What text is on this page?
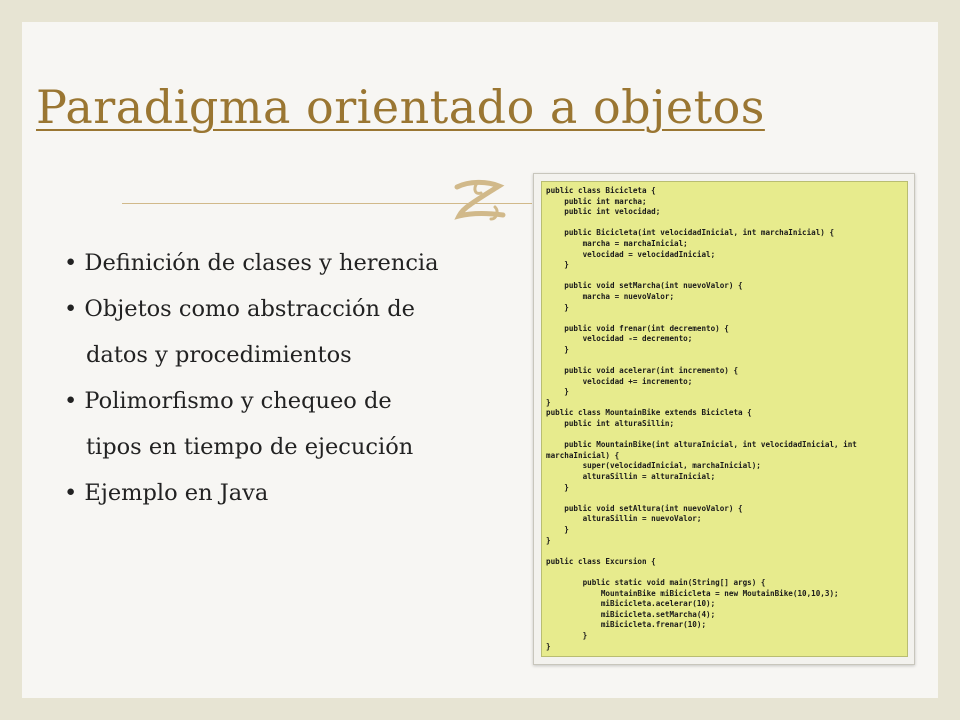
Paradigma orientado a objetos
• Definición de clases y herencia
• Objetos como abstracción de
datos y procedimientos
• Polimorfismo y chequeo de
tipos en tiempo de ejecución
• Ejemplo en Java
public class Bicicleta {
public int marcha;
public int velocidad;

public Bicicleta(int velocidadInicial, int marchaInicial) {
marcha = marchaInicial;
velocidad = velocidadInicial;
}

public void setMarcha(int nuevoValor) {
marcha = nuevoValor;
}

public void frenar(int decremento) {
velocidad -= decremento;
}

public void acelerar(int incremento) {
velocidad += incremento;
}
}
public class MountainBike extends Bicicleta {
public int alturaSillin;

public MountainBike(int alturaInicial, int velocidadInicial, int
marchaInicial) {
super(velocidadInicial, marchaInicial);
alturaSillin = alturaInicial;
}

public void setAltura(int nuevoValor) {
alturaSillin = nuevoValor;
}
}

public class Excursion {

public static void main(String[] args) {
MountainBike miBicicleta = new MoutainBike(10,10,3);
miBicicleta.acelerar(10);
miBicicleta.setMarcha(4);
miBicicleta.frenar(10);
}
}
